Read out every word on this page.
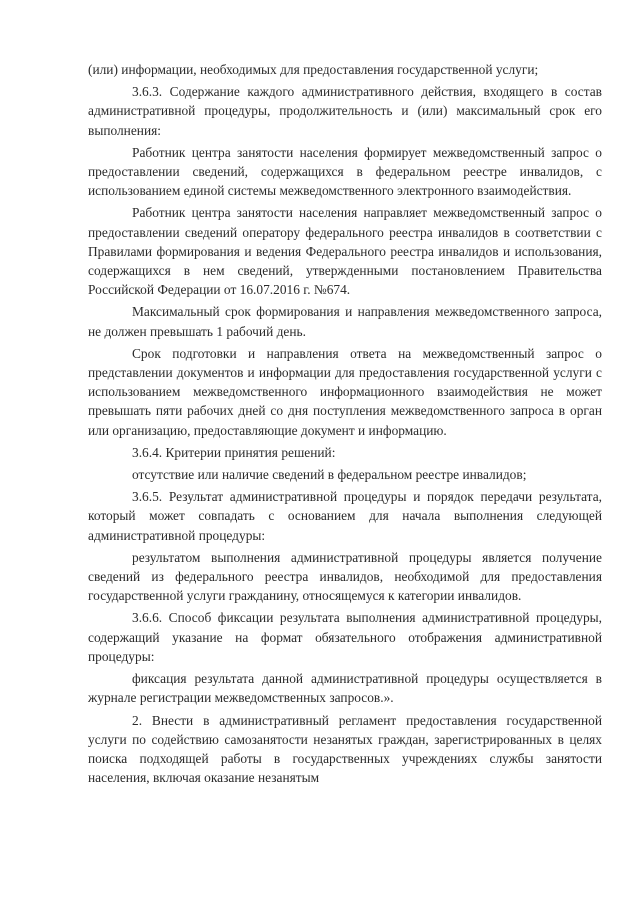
(или) информации, необходимых для предоставления государственной услуги;

3.6.3. Содержание каждого административного действия, входящего в состав административной процедуры, продолжительность и (или) максимальный срок его выполнения:

Работник центра занятости населения формирует межведомственный запрос о предоставлении сведений, содержащихся в федеральном реестре инвалидов, с использованием единой системы межведомственного электронного взаимодействия.

Работник центра занятости населения направляет межведомственный запрос о предоставлении сведений оператору федерального реестра инвалидов в соответствии с Правилами формирования и ведения Федерального реестра инвалидов и использования, содержащихся в нем сведений, утвержденными постановлением Правительства Российской Федерации от 16.07.2016 г. №674.

Максимальный срок формирования и направления межведомственного запроса, не должен превышать 1 рабочий день.

Срок подготовки и направления ответа на межведомственный запрос о представлении документов и информации для предоставления государственной услуги с использованием межведомственного информационного взаимодействия не может превышать пяти рабочих дней со дня поступления межведомственного запроса в орган или организацию, предоставляющие документ и информацию.

3.6.4. Критерии принятия решений:

отсутствие или наличие сведений в федеральном реестре инвалидов;

3.6.5. Результат административной процедуры и порядок передачи результата, который может совпадать с основанием для начала выполнения следующей административной процедуры:

результатом выполнения административной процедуры является получение сведений из федерального реестра инвалидов, необходимой для предоставления государственной услуги гражданину, относящемуся к категории инвалидов.

3.6.6. Способ фиксации результата выполнения административной процедуры, содержащий указание на формат обязательного отображения административной процедуры:

фиксация результата данной административной процедуры осуществляется в журнале регистрации межведомственных запросов.».

2. Внести в административный регламент предоставления государственной услуги по содействию самозанятости незанятых граждан, зарегистрированных в целях поиска подходящей работы в государственных учреждениях службы занятости населения, включая оказание незанятым
